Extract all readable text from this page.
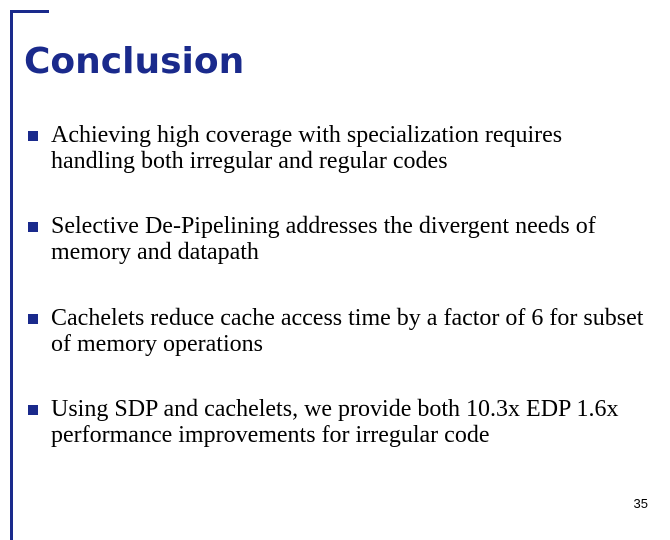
Conclusion
Achieving high coverage with specialization requires handling both irregular and regular codes
Selective De-Pipelining addresses the divergent needs of memory and datapath
Cachelets reduce cache access time by a factor of 6 for subset of memory operations
Using SDP and cachelets, we provide both 10.3x EDP 1.6x performance improvements for irregular code
35
